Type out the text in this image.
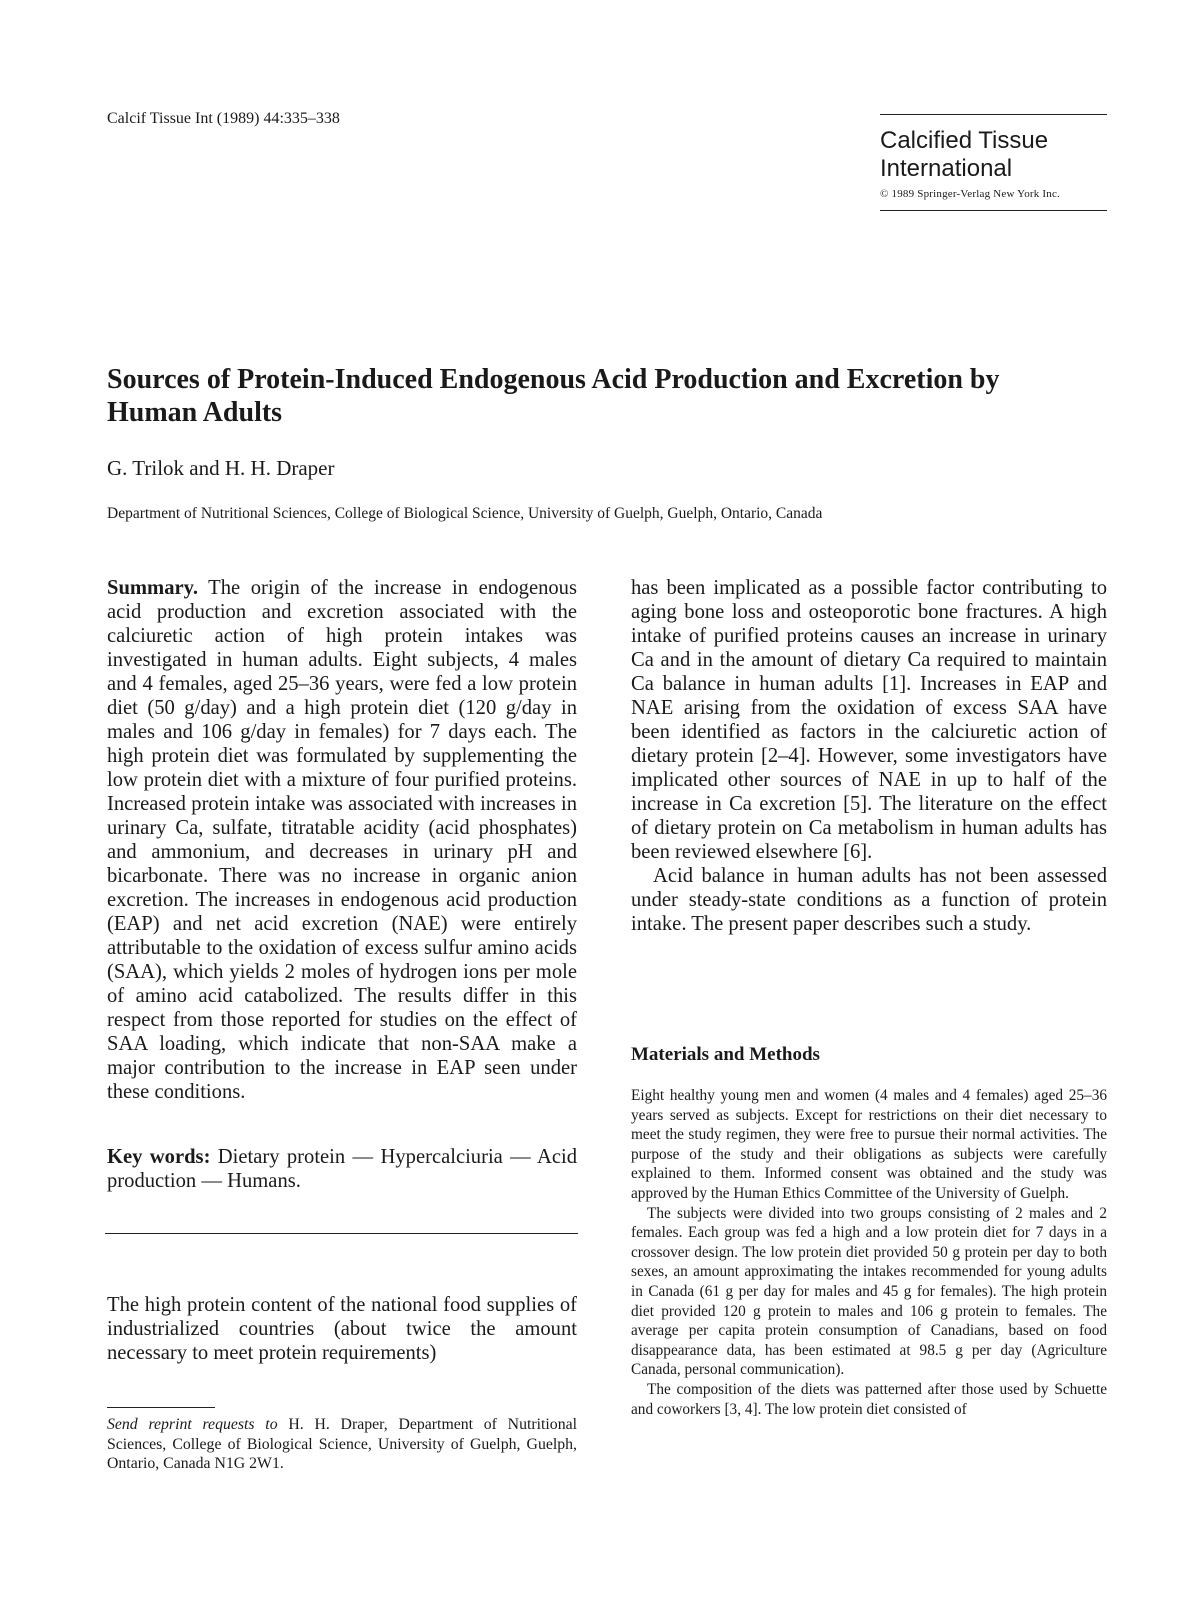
Calcif Tissue Int (1989) 44:335–338
Calcified Tissue International
© 1989 Springer-Verlag New York Inc.
Sources of Protein-Induced Endogenous Acid Production and Excretion by Human Adults
G. Trilok and H. H. Draper
Department of Nutritional Sciences, College of Biological Science, University of Guelph, Guelph, Ontario, Canada

Summary. The origin of the increase in endogenous acid production and excretion associated with the calciuretic action of high protein intakes was investigated in human adults. Eight subjects, 4 males and 4 females, aged 25–36 years, were fed a low protein diet (50 g/day) and a high protein diet (120 g/day in males and 106 g/day in females) for 7 days each. The high protein diet was formulated by supplementing the low protein diet with a mixture of four purified proteins. Increased protein intake was associated with increases in urinary Ca, sulfate, titratable acidity (acid phosphates) and ammonium, and decreases in urinary pH and bicarbonate. There was no increase in organic anion excretion. The increases in endogenous acid production (EAP) and net acid excretion (NAE) were entirely attributable to the oxidation of excess sulfur amino acids (SAA), which yields 2 moles of hydrogen ions per mole of amino acid catabolized. The results differ in this respect from those reported for studies on the effect of SAA loading, which indicate that non-SAA make a major contribution to the increase in EAP seen under these conditions.

Key words: Dietary protein — Hypercalciuria — Acid production — Humans.

The high protein content of the national food supplies of industrialized countries (about twice the amount necessary to meet protein requirements)

Send reprint requests to H. H. Draper, Department of Nutritional Sciences, College of Biological Science, University of Guelph, Guelph, Ontario, Canada N1G 2W1.

has been implicated as a possible factor contributing to aging bone loss and osteoporotic bone fractures. A high intake of purified proteins causes an increase in urinary Ca and in the amount of dietary Ca required to maintain Ca balance in human adults [1]. Increases in EAP and NAE arising from the oxidation of excess SAA have been identified as factors in the calciuretic action of dietary protein [2–4]. However, some investigators have implicated other sources of NAE in up to half of the increase in Ca excretion [5]. The literature on the effect of dietary protein on Ca metabolism in human adults has been reviewed elsewhere [6].

Acid balance in human adults has not been assessed under steady-state conditions as a function of protein intake. The present paper describes such a study.

Materials and Methods

Eight healthy young men and women (4 males and 4 females) aged 25–36 years served as subjects. Except for restrictions on their diet necessary to meet the study regimen, they were free to pursue their normal activities. The purpose of the study and their obligations as subjects were carefully explained to them. Informed consent was obtained and the study was approved by the Human Ethics Committee of the University of Guelph.

The subjects were divided into two groups consisting of 2 males and 2 females. Each group was fed a high and a low protein diet for 7 days in a crossover design. The low protein diet provided 50 g protein per day to both sexes, an amount approximating the intakes recommended for young adults in Canada (61 g per day for males and 45 g for females). The high protein diet provided 120 g protein to males and 106 g protein to females. The average per capita protein consumption of Canadians, based on food disappearance data, has been estimated at 98.5 g per day (Agriculture Canada, personal communication).

The composition of the diets was patterned after those used by Schuette and coworkers [3, 4]. The low protein diet consisted of
